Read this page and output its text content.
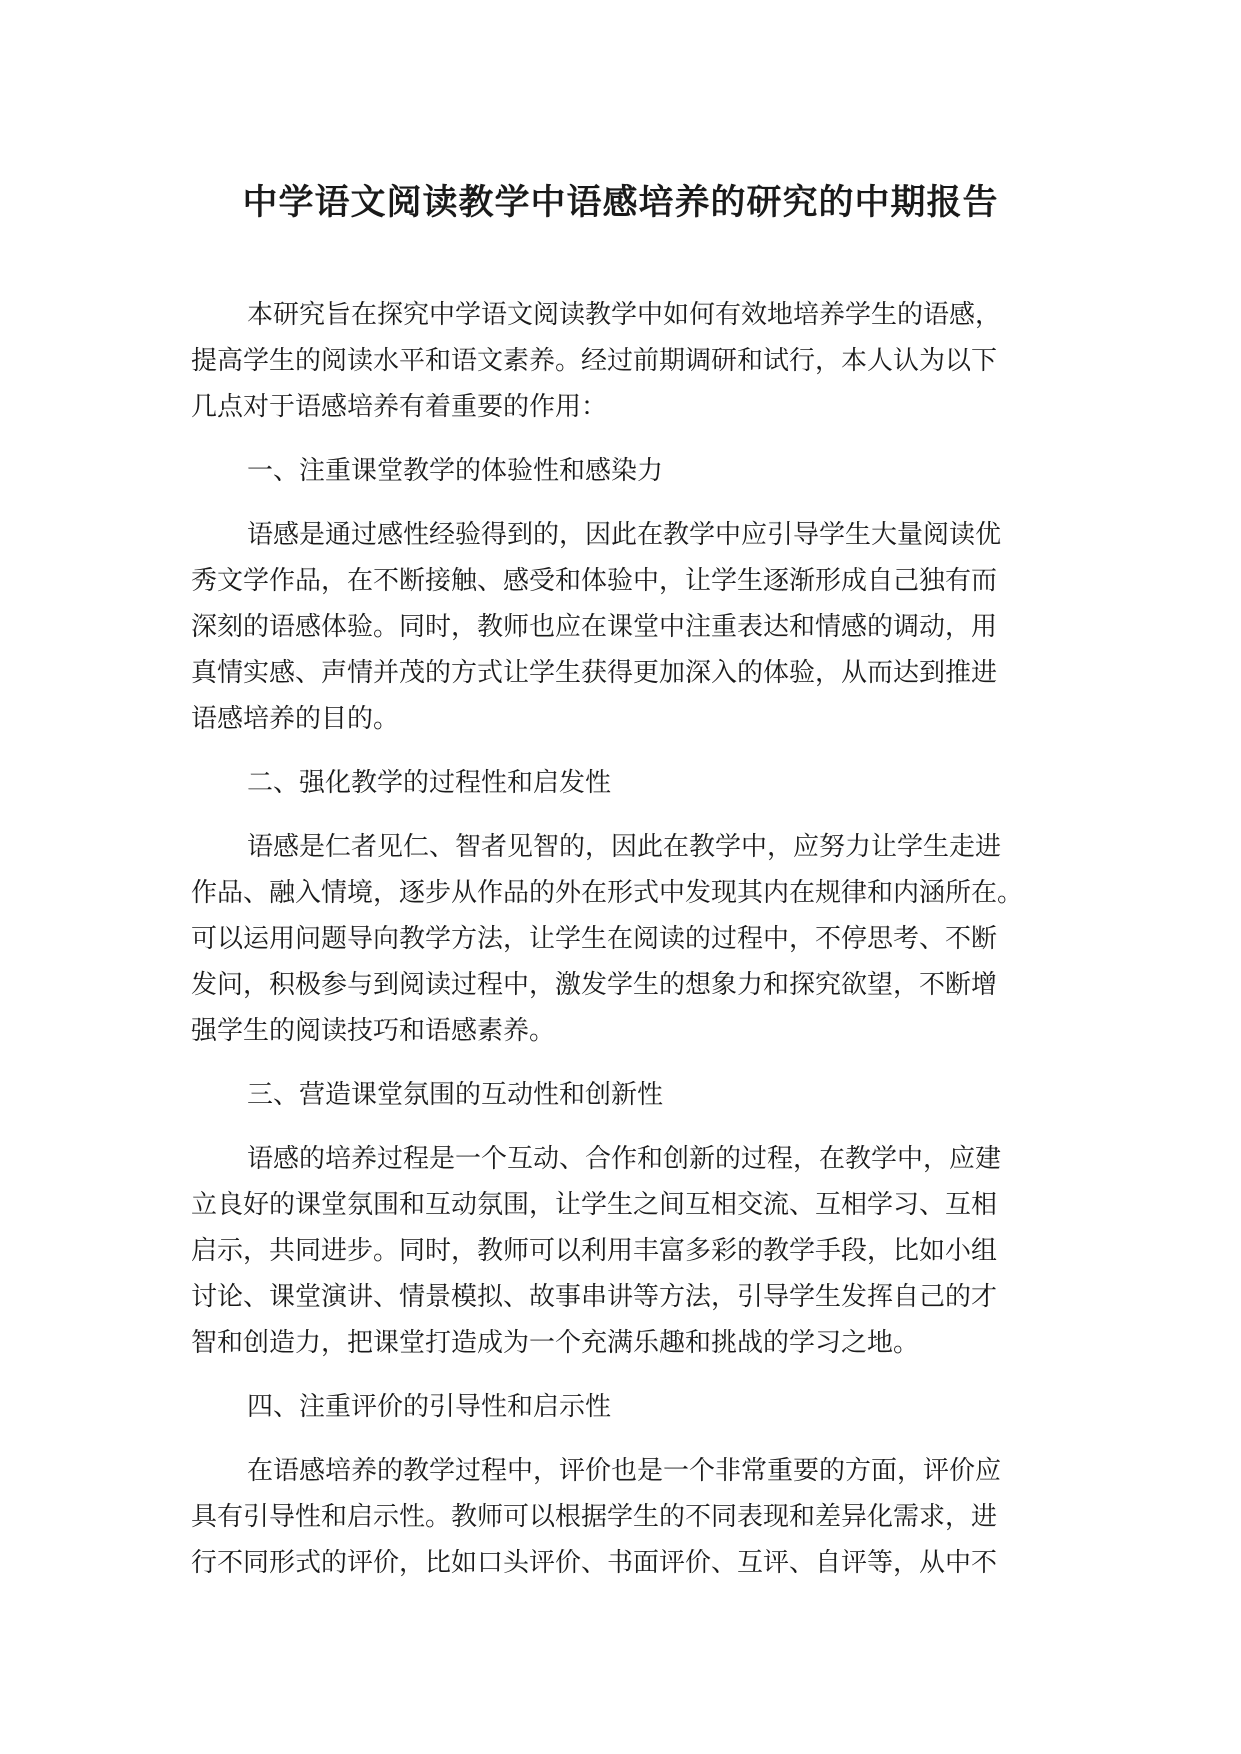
中学语文阅读教学中语感培养的研究的中期报告

本研究旨在探究中学语文阅读教学中如何有效地培养学生的语感，
提高学生的阅读水平和语文素养。经过前期调研和试行，本人认为以下
几点对于语感培养有着重要的作用：

一、注重课堂教学的体验性和感染力

语感是通过感性经验得到的，因此在教学中应引导学生大量阅读优
秀文学作品，在不断接触、感受和体验中，让学生逐渐形成自己独有而
深刻的语感体验。同时，教师也应在课堂中注重表达和情感的调动，用
真情实感、声情并茂的方式让学生获得更加深入的体验，从而达到推进
语感培养的目的。

二、强化教学的过程性和启发性

语感是仁者见仁、智者见智的，因此在教学中，应努力让学生走进
作品、融入情境，逐步从作品的外在形式中发现其内在规律和内涵所在。
可以运用问题导向教学方法，让学生在阅读的过程中，不停思考、不断
发问，积极参与到阅读过程中，激发学生的想象力和探究欲望，不断增
强学生的阅读技巧和语感素养。

三、营造课堂氛围的互动性和创新性

语感的培养过程是一个互动、合作和创新的过程，在教学中，应建
立良好的课堂氛围和互动氛围，让学生之间互相交流、互相学习、互相
启示，共同进步。同时，教师可以利用丰富多彩的教学手段，比如小组
讨论、课堂演讲、情景模拟、故事串讲等方法，引导学生发挥自己的才
智和创造力，把课堂打造成为一个充满乐趣和挑战的学习之地。

四、注重评价的引导性和启示性

在语感培养的教学过程中，评价也是一个非常重要的方面，评价应
具有引导性和启示性。教师可以根据学生的不同表现和差异化需求，进
行不同形式的评价，比如口头评价、书面评价、互评、自评等，从中不
